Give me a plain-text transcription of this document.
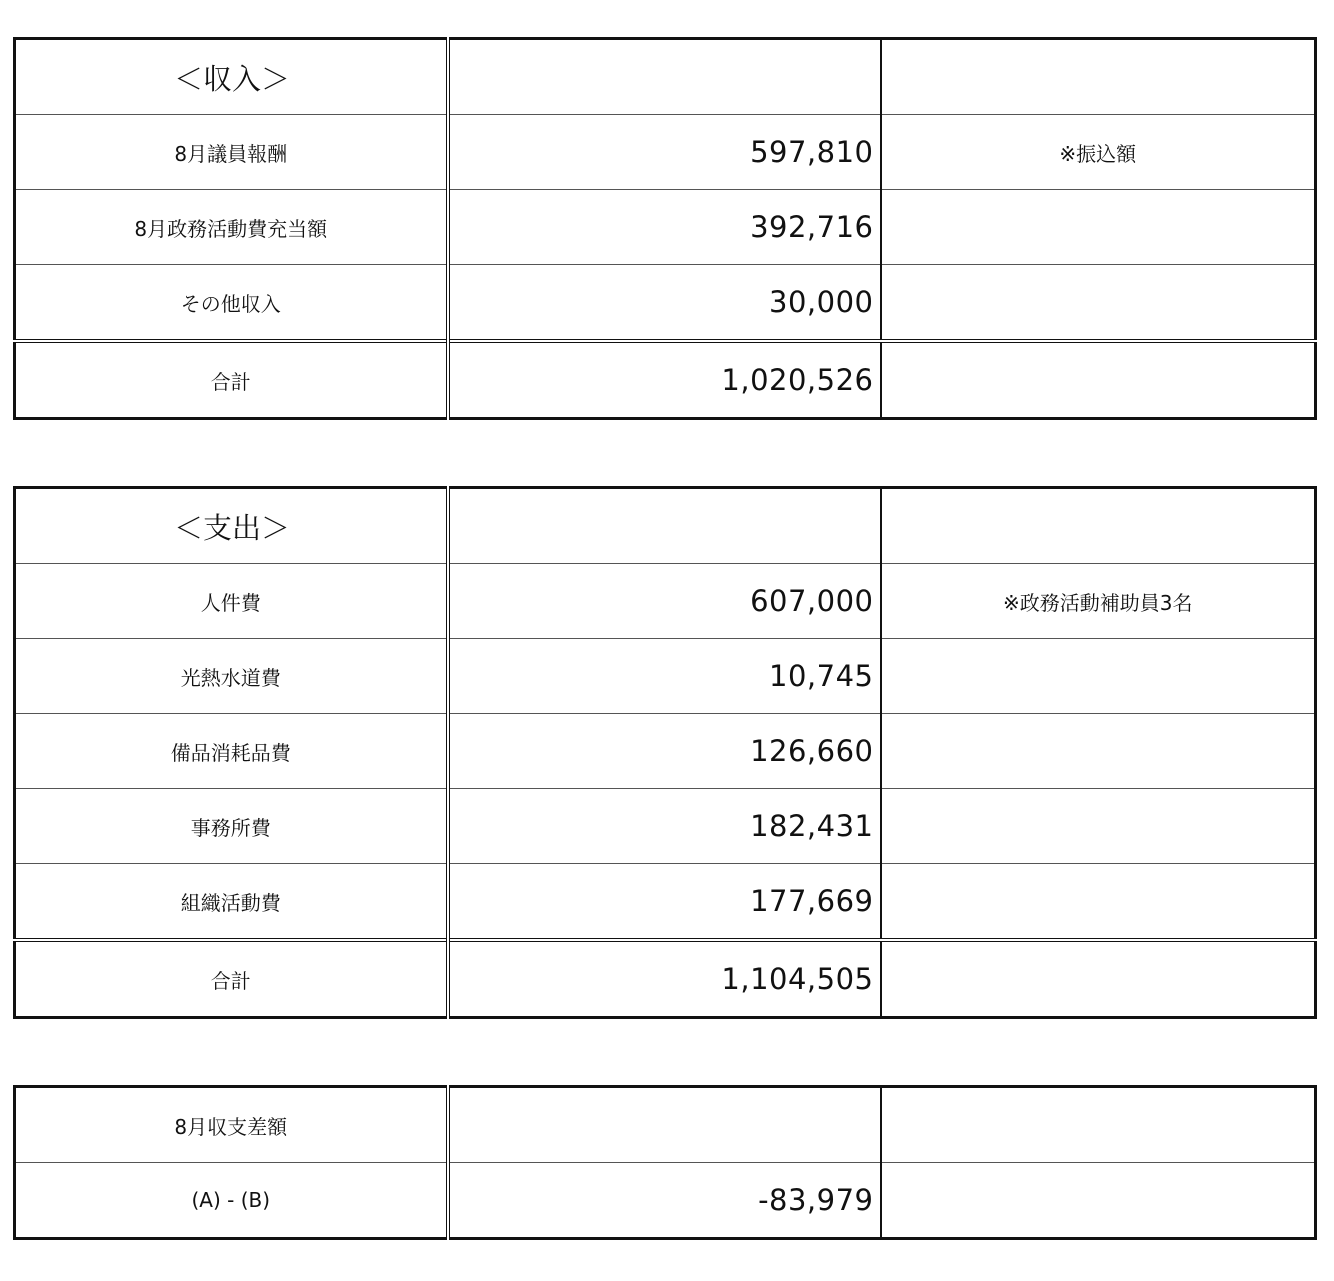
＜収入＞		
8月議員報酬	597,810	※振込額
8月政務活動費充当額	392,716	
その他収入	30,000	
合計	1,020,526	
＜支出＞		
人件費	607,000	※政務活動補助員3名
光熱水道費	10,745	
備品消耗品費	126,660	
事務所費	182,431	
組織活動費	177,669	
合計	1,104,505	
8月収支差額		
(A) - (B)	-83,979	
